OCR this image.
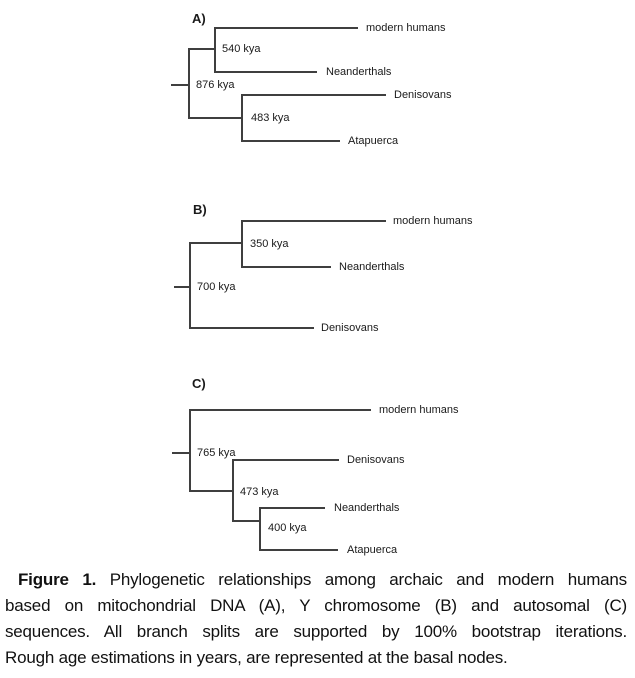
A)
540 kya
876 kya
483 kya
modern humans
Neanderthals
Denisovans
Atapuerca
B)
350 kya
700 kya
modern humans
Neanderthals
Denisovans
C)
765 kya
473 kya
400 kya
modern humans
Denisovans
Neanderthals
Atapuerca
Figure 1. Phylogenetic relationships among archaic and modern humans
based on mitochondrial DNA (A), Y chromosome (B) and autosomal (C)
sequences. All branch splits are supported by 100% bootstrap iterations.
Rough age estimations in years, are represented at the basal nodes.
